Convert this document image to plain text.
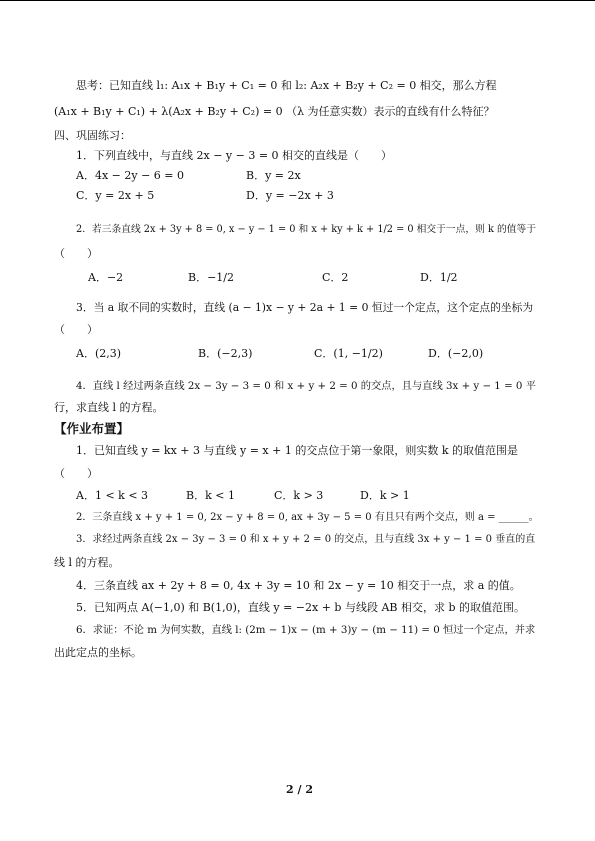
思考：已知直线 l₁: A₁x + B₁y + C₁ = 0 和 l₂: A₂x + B₂y + C₂ = 0 相交，那么方程
(A₁x + B₁y + C₁) + λ(A₂x + B₂y + C₂) = 0 （λ 为任意实数）表示的直线有什么特征？
四、巩固练习：
1．下列直线中，与直线 2x − y − 3 = 0 相交的直线是（　　）
A．4x − 2y − 6 = 0	B．y = 2x
C．y = 2x + 5	D．y = −2x + 3
2．若三条直线 2x + 3y + 8 = 0, x − y − 1 = 0 和 x + ky + k + 1/2 = 0 相交于一点，则 k 的值等于
（　　）
A．−2	B．−1/2	C．2	D．1/2
3．当 a 取不同的实数时，直线 (a − 1)x − y + 2a + 1 = 0 恒过一个定点，这个定点的坐标为
（　　）
A．(2,3)	B．(−2,3)	C．(1, −1/2)	D．(−2,0)
4．直线 l 经过两条直线 2x − 3y − 3 = 0 和 x + y + 2 = 0 的交点，且与直线 3x + y − 1 = 0 平
行，求直线 l 的方程。
【作业布置】
1．已知直线 y = kx + 3 与直线 y = x + 1 的交点位于第一象限，则实数 k 的取值范围是
（　　）
A．1 < k < 3	B．k < 1	C．k > 3	D．k > 1
2．三条直线 x + y + 1 = 0, 2x − y + 8 = 0, ax + 3y − 5 = 0 有且只有两个交点，则 a = ______。
3．求经过两条直线 2x − 3y − 3 = 0 和 x + y + 2 = 0 的交点，且与直线 3x + y − 1 = 0 垂直的直
线 l 的方程。
4．三条直线 ax + 2y + 8 = 0, 4x + 3y = 10 和 2x − y = 10 相交于一点，求 a 的值。
5．已知两点 A(−1,0) 和 B(1,0)，直线 y = −2x + b 与线段 AB 相交，求 b 的取值范围。
6．求证：不论 m 为何实数，直线 l: (2m − 1)x − (m + 3)y − (m − 11) = 0 恒过一个定点，并求
出此定点的坐标。
2 / 2
